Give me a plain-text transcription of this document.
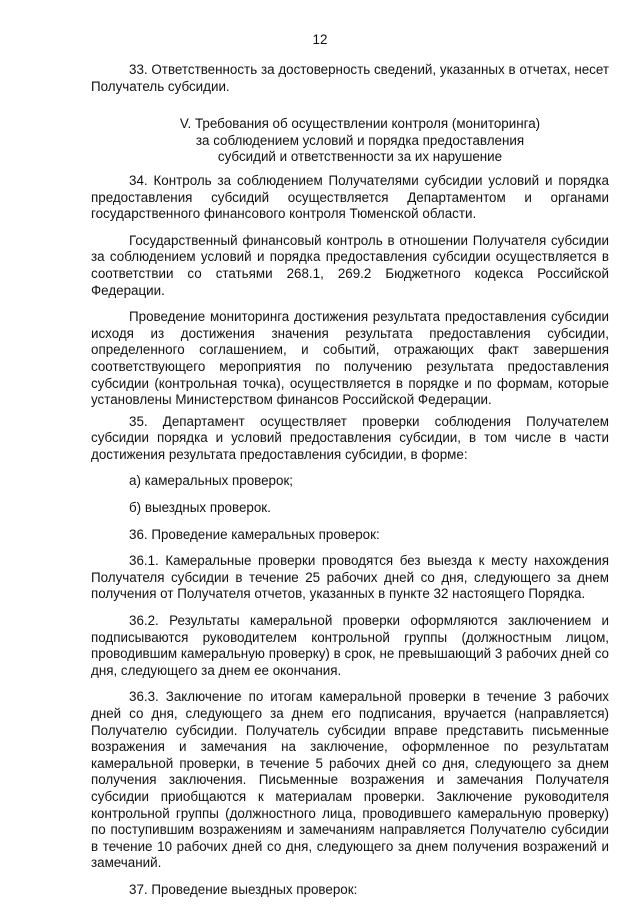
12

33. Ответственность за достоверность сведений, указанных в отчетах, несет Получатель субсидии.

V. Требования об осуществлении контроля (мониторинга)
за соблюдением условий и порядка предоставления
субсидий и ответственности за их нарушение

34. Контроль за соблюдением Получателями субсидии условий и порядка предоставления субсидий осуществляется Департаментом и органами государственного финансового контроля Тюменской области.

Государственный финансовый контроль в отношении Получателя субсидии за соблюдением условий и порядка предоставления субсидии осуществляется в соответствии со статьями 268.1, 269.2 Бюджетного кодекса Российской Федерации.

Проведение мониторинга достижения результата предоставления субсидии исходя из достижения значения результата предоставления субсидии, определенного соглашением, и событий, отражающих факт завершения соответствующего мероприятия по получению результата предоставления субсидии (контрольная точка), осуществляется в порядке и по формам, которые установлены Министерством финансов Российской Федерации.

35. Департамент осуществляет проверки соблюдения Получателем субсидии порядка и условий предоставления субсидии, в том числе в части достижения результата предоставления субсидии, в форме:

а) камеральных проверок;

б) выездных проверок.

36. Проведение камеральных проверок:

36.1. Камеральные проверки проводятся без выезда к месту нахождения Получателя субсидии в течение 25 рабочих дней со дня, следующего за днем получения от Получателя отчетов, указанных в пункте 32 настоящего Порядка.

36.2. Результаты камеральной проверки оформляются заключением и подписываются руководителем контрольной группы (должностным лицом, проводившим камеральную проверку) в срок, не превышающий 3 рабочих дней со дня, следующего за днем ее окончания.

36.3. Заключение по итогам камеральной проверки в течение 3 рабочих дней со дня, следующего за днем его подписания, вручается (направляется) Получателю субсидии. Получатель субсидии вправе представить письменные возражения и замечания на заключение, оформленное по результатам камеральной проверки, в течение 5 рабочих дней со дня, следующего за днем получения заключения. Письменные возражения и замечания Получателя субсидии приобщаются к материалам проверки. Заключение руководителя контрольной группы (должностного лица, проводившего камеральную проверку) по поступившим возражениям и замечаниям направляется Получателю субсидии в течение 10 рабочих дней со дня, следующего за днем получения возражений и замечаний.

37. Проведение выездных проверок:
